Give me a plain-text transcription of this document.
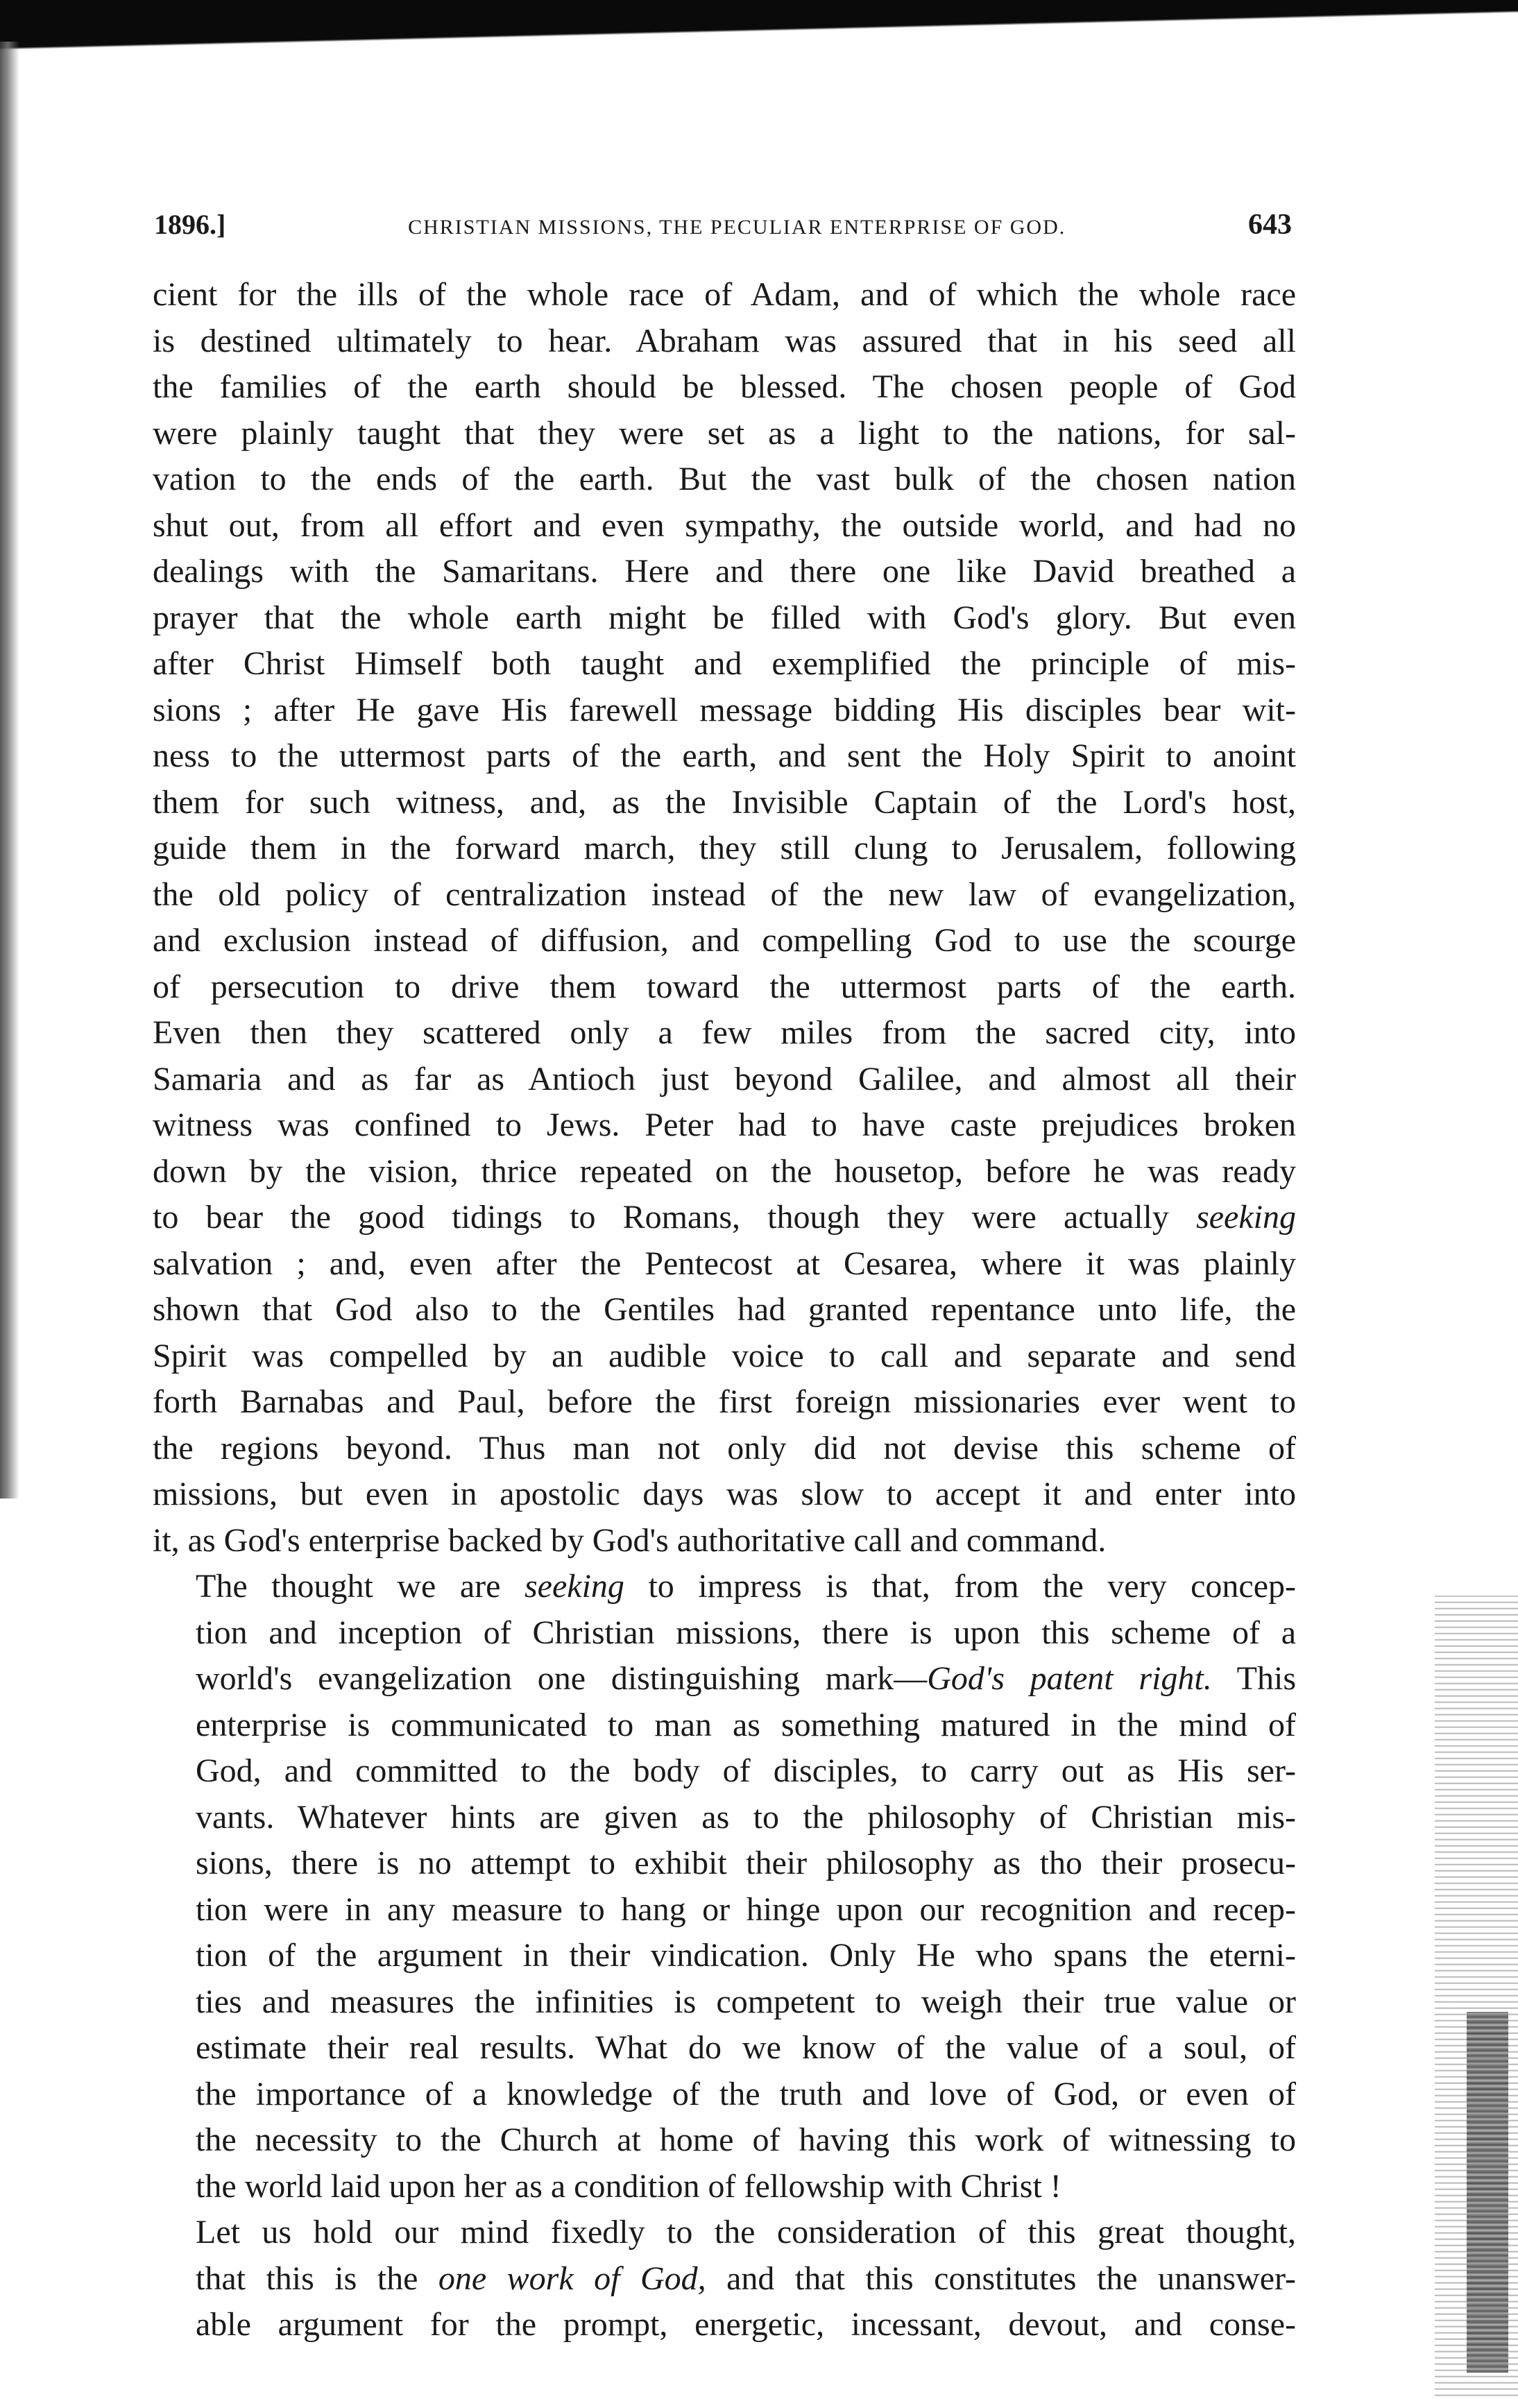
1896.]	CHRISTIAN MISSIONS, THE PECULIAR ENTERPRISE OF GOD.	643

cient for the ills of the whole race of Adam, and of which the whole race
is destined ultimately to hear. Abraham was assured that in his seed all
the families of the earth should be blessed. The chosen people of God
were plainly taught that they were set as a light to the nations, for sal-
vation to the ends of the earth. But the vast bulk of the chosen nation
shut out, from all effort and even sympathy, the outside world, and had no
dealings with the Samaritans. Here and there one like David breathed a
prayer that the whole earth might be filled with God's glory. But even
after Christ Himself both taught and exemplified the principle of mis-
sions ; after He gave His farewell message bidding His disciples bear wit-
ness to the uttermost parts of the earth, and sent the Holy Spirit to anoint
them for such witness, and, as the Invisible Captain of the Lord's host,
guide them in the forward march, they still clung to Jerusalem, following
the old policy of centralization instead of the new law of evangelization,
and exclusion instead of diffusion, and compelling God to use the scourge
of persecution to drive them toward the uttermost parts of the earth.
Even then they scattered only a few miles from the sacred city, into
Samaria and as far as Antioch just beyond Galilee, and almost all their
witness was confined to Jews. Peter had to have caste prejudices broken
down by the vision, thrice repeated on the housetop, before he was ready
to bear the good tidings to Romans, though they were actually seeking
salvation ; and, even after the Pentecost at Cesarea, where it was plainly
shown that God also to the Gentiles had granted repentance unto life, the
Spirit was compelled by an audible voice to call and separate and send
forth Barnabas and Paul, before the first foreign missionaries ever went to
the regions beyond. Thus man not only did not devise this scheme of
missions, but even in apostolic days was slow to accept it and enter into
it, as God's enterprise backed by God's authoritative call and command.

The thought we are seeking to impress is that, from the very concep-
tion and inception of Christian missions, there is upon this scheme of a
world's evangelization one distinguishing mark—God's patent right. This
enterprise is communicated to man as something matured in the mind of
God, and committed to the body of disciples, to carry out as His ser-
vants. Whatever hints are given as to the philosophy of Christian mis-
sions, there is no attempt to exhibit their philosophy as tho their prosecu-
tion were in any measure to hang or hinge upon our recognition and recep-
tion of the argument in their vindication. Only He who spans the eterni-
ties and measures the infinities is competent to weigh their true value or
estimate their real results. What do we know of the value of a soul, of
the importance of a knowledge of the truth and love of God, or even of
the necessity to the Church at home of having this work of witnessing to
the world laid upon her as a condition of fellowship with Christ !

Let us hold our mind fixedly to the consideration of this great thought,
that this is the one work of God, and that this constitutes the unanswer-
able argument for the prompt, energetic, incessant, devout, and conse-
